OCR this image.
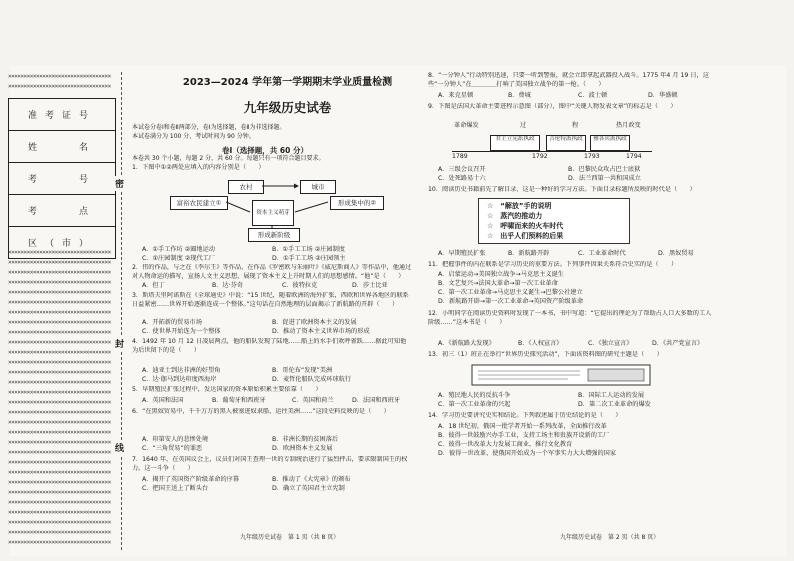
×××××××××××××××××××××××××××××××××
×××××××××××××××××××××××××××××××××
准考证号
姓　　名
考　　号
考　　点
区（市）
×××××××××××××××××××××××××××××××××
×××××××××××××××××××××××××××××××××
×××××××××××××××××××××××××××××××××
×××××××××××××××××××××××××××××××××
×××××××××××××××××××××××××××××××××
×××××××××××××××××××××××××××××××××
×××××××××××××××××××××××××××××××××
×××××××××××××××××××××××××××××××××
×××××××××××××××××××××××××××××××××
×××××××××××××××××××××××××××××××××
×××××××××××××××××××××××××××××××××
×××××××××××××××××××××××××××××××××
×××××××××××××××××××××××××××××××××
×××××××××××××××××××××××××××××××××
×××××××××××××××××××××××××××××××××
×××××××××××××××××××××××××××××××××
×××××××××××××××××××××××××××××××××
×××××××××××××××××××××××××××××××××
×××××××××××××××××××××××××××××××××
×××××××××××××××××××××××××××××××××
×××××××××××××××××××××××××××××××××
×××××××××××××××××××××××××××××××××
×××××××××××××××××××××××××××××××××
×××××××××××××××××××××××××××××××××
×××××××××××××××××××××××××××××××××
×××××××××××××××××××××××××××××××××
×××××××××××××××××××××××××××××××××
×××××××××××××××××××××××××××××××××
×××××××××××××××××××××××××××××××××
×××××××××××××××××××××××××××××××××
密
封
线
2023—2024 学年第一学期期末学业质量检测
九年级历史试卷
本试卷分卷Ⅰ和卷Ⅱ两部分，卷Ⅰ为选择题，卷Ⅱ为非选择题。
本试卷满分为 100 分，考试时间为 90 分钟。
卷Ⅰ（选择题，共 60 分）
本卷共 30 个小题，每题 2 分，共 60 分。每题只有一项符合题目要求。
1．下图中①②两处应填入的内容分别是（　　）
农村	城市
富裕农民建立①
资本主义萌芽
形成集中的②
形成新阶级
A．①手工作坊 ②圈地运动	B．①手工工场 ②庄园制度
C．①庄园制度 ②现代工厂	D．①手工工场 ②庄园领主
2．伟的作品，与之在《李尔王》等作品，在作品《罗密欧与朱丽叶》《威尼斯商人》等作品中，他通过对人物命运的描写，宣扬人文主义思想，展现了资本主义上升时期人们的思想感情。“他”是（　　）
A．但丁	B．达·芬奇	C．彼特拉克	D．莎士比亚
3．斯塔夫里阿诺斯在《全球通史》中说：“15 世纪，随着欧洲的海外扩张，西欧和世界各地区的联系日益紧密……世界开始逐渐连成一个整体。”这句话在自然地理的层面揭示了新航路的开辟（　　）
A．开拓新的贸易市场	B．促进了欧洲资本主义的发展
C．使世界开始连为一个整体	D．推动了资本主义世界市场的形成
4．1492 年 10 月 12 日凌晨两点，他的船队发现了陆地……船上的水手们欢呼雀跃……据此可知他为后世留下的是（　　）
A．迪亚士到达非洲的好望角	B．哥伦布“发现”美洲
C．达·伽马到达印度西海岸	D．麦哲伦船队完成环球航行
5．早期殖民扩张过程中，发达国家的资本原始积累主要依靠（　　）
A．英国和法国	B．葡萄牙和西班牙	C．英国和荷兰	D．法国和西班牙
6．“在黑奴贸易中，千千万万的黑人被塞进奴隶船，运往美洲……”这段史料反映的是（　　）
A．印第安人的悲惨处境	B．非洲长期的贫困落后
C．“三角贸易”的罪恶	D．欧洲资本主义发展
7．1640 年，在英国议会上，议员们对国王查理一世的专制统治进行了猛烈抨击，要求限制国王的权力。这一斗争（　　）
A．揭开了英国资产阶级革命的序幕	B．推动了《大宪章》的颁布
C．把国王送上了断头台	D．确立了英国君主立宪制
九年级历史试卷　第 1 页（共 8 页）
8．“一分钟人”行动特别迅速，只要一听到警报，就会立即拿起武器投入战斗。1775 年4 月 19 日，这些“一分钟人”在＿＿＿＿打响了美国独立战争的第一枪。（　　）
A．来克星顿	B．费城	C．波士顿	D．华盛顿
9．下图是法国大革命主要进程示意图（部分），图中“关键人物发表文章”的标志是（　　）
革命爆发	过	程	热月政变
君主立宪派执政	吉伦特派执政	雅各宾派执政
1789	1792	1793	1794
A．三级会议召开	B．巴黎民众攻占巴士底狱
C．处死路易十六	D．法兰西第一共和国成立
10．阅读历史书籍前先了解目录，这是一种好的学习方法。下面目录标题所反映的时代是（　　）
☆　“解放”手的说明
☆　蒸汽的推动力
☆　呼啸而来的火车时代
☆　出乎人们预料的后果
A．早期殖民扩张	B．新航路开辟	C．工业革命时代	D．黑奴贸易
11．把握事件的内在联系是学习历史的重要方法。下列事件因果关系符合史实的是（　　）
A．启蒙运动→美国独立战争→马克思主义诞生
B．文艺复兴→法国大革命→第一次工业革命
C．第一次工业革命→马克思主义诞生→巴黎公社建立
D．新航路开辟→第一次工业革命→英国资产阶级革命
12．小明同学在阅读历史资料时发现了一本书，书中写道：“它提出的理论为了帮助占人口大多数的工人阶级……”这本书是（　　）
A．《新航路大发现》	B．《人权宣言》	C．《独立宣言》	D．《共产党宣言》
13．初三（1）班正在举行“世界历史探究活动”，下面该资料图的研究主题是（　　）
A．殖民地人民的反抗斗争	B．国际工人运动的发展
C．第一次工业革命的兴起	D．第二次工业革命的爆发
14．学习历史要讲究史实和结论。下列叙述属于历史结论的是（　　）
A．18 世纪初，俄国一批学者开始一系列改革，全面推行改革
B．彼得一世鼓励兴办手工业，支持工场主和贵族开设新的工厂
C．彼得一世改革大力发展工商业，推行文化教育
D．彼得一世改革，使俄国开始成为一个军事实力大大增强的国家
九年级历史试卷　第 2 页（共 8 页）
